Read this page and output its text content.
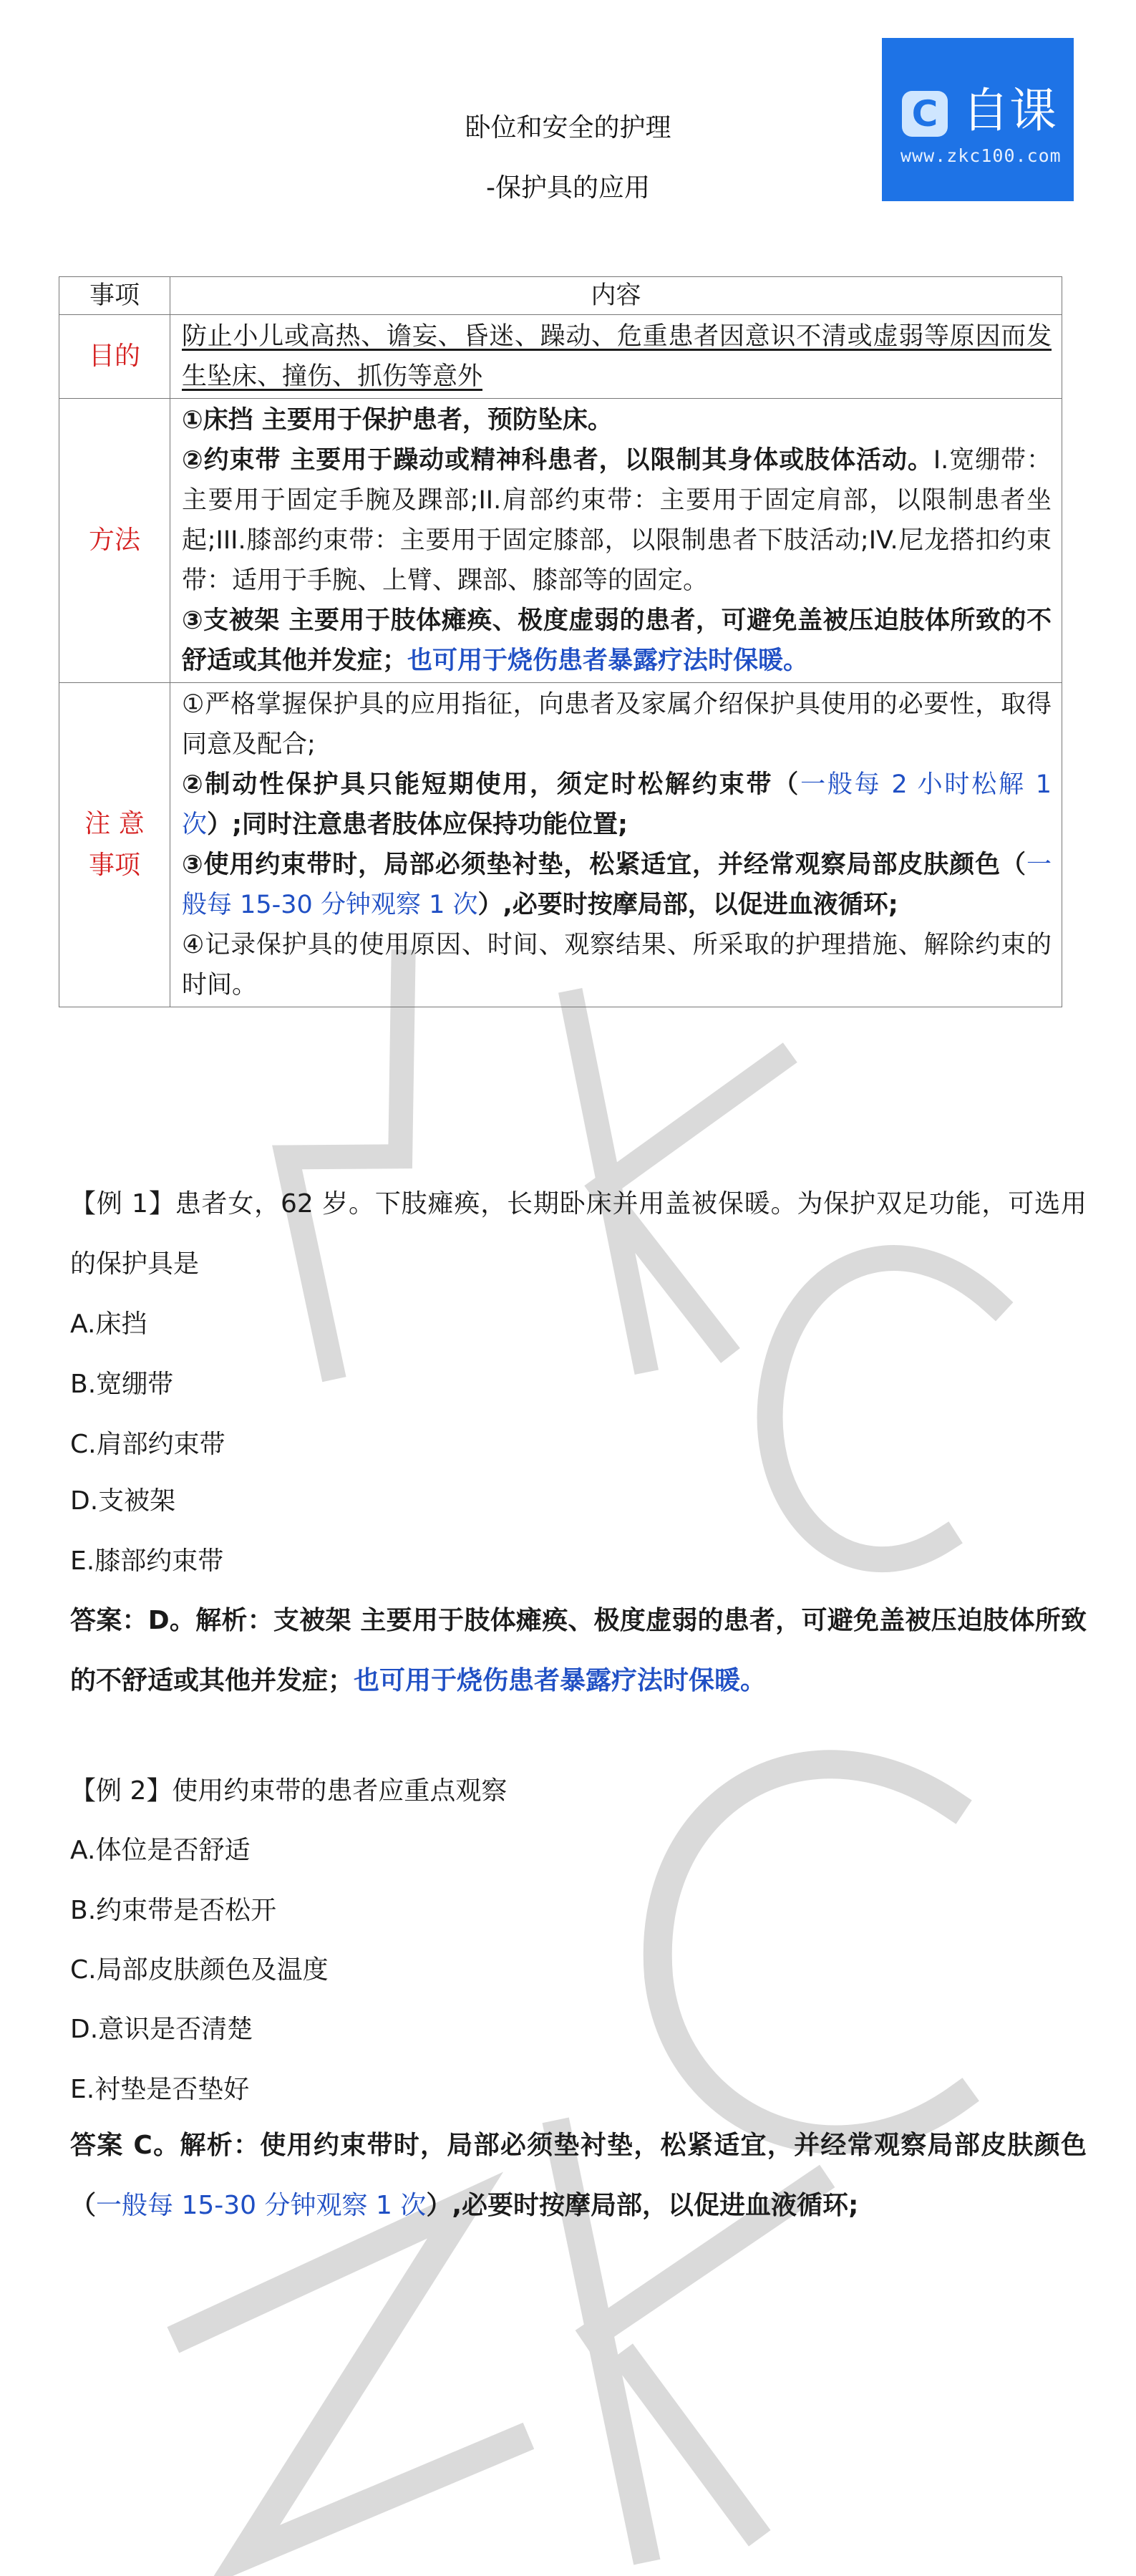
C 自课
www.zkc100.com
卧位和安全的护理
-保护具的应用
事项	内容
目的	防止小儿或高热、谵妄、昏迷、躁动、危重患者因意识不清或虚弱等原因而发生坠床、撞伤、抓伤等意外
方法	①床挡 主要用于保护患者，预防坠床。
②约束带 主要用于躁动或精神科患者，以限制其身体或肢体活动。I.宽绷带：主要用于固定手腕及踝部;II.肩部约束带：主要用于固定肩部，以限制患者坐起;III.膝部约束带：主要用于固定膝部，以限制患者下肢活动;IV.尼龙搭扣约束带：适用于手腕、上臂、踝部、膝部等的固定。
③支被架 主要用于肢体瘫痪、极度虚弱的患者，可避免盖被压迫肢体所致的不舒适或其他并发症；也可用于烧伤患者暴露疗法时保暖。
注 意
事项	①严格掌握保护具的应用指征，向患者及家属介绍保护具使用的必要性，取得同意及配合;
②制动性保护具只能短期使用，须定时松解约束带（一般每 2 小时松解 1 次）;同时注意患者肢体应保持功能位置;
③使用约束带时，局部必须垫衬垫，松紧适宜，并经常观察局部皮肤颜色（一般每 15-30 分钟观察 1 次）,必要时按摩局部，以促进血液循环;
④记录保护具的使用原因、时间、观察结果、所采取的护理措施、解除约束的时间。
【例 1】患者女，62 岁。下肢瘫痪，长期卧床并用盖被保暖。为保护双足功能，可选用的保护具是
A.床挡
B.宽绷带
C.肩部约束带
D.支被架
E.膝部约束带
答案：D。解析：支被架 主要用于肢体瘫痪、极度虚弱的患者，可避免盖被压迫肢体所致的不舒适或其他并发症；也可用于烧伤患者暴露疗法时保暖。
【例 2】使用约束带的患者应重点观察
A.体位是否舒适
B.约束带是否松开
C.局部皮肤颜色及温度
D.意识是否清楚
E.衬垫是否垫好
答案 C。解析：使用约束带时，局部必须垫衬垫，松紧适宜，并经常观察局部皮肤颜色（一般每 15-30 分钟观察 1 次）,必要时按摩局部，以促进血液循环;
